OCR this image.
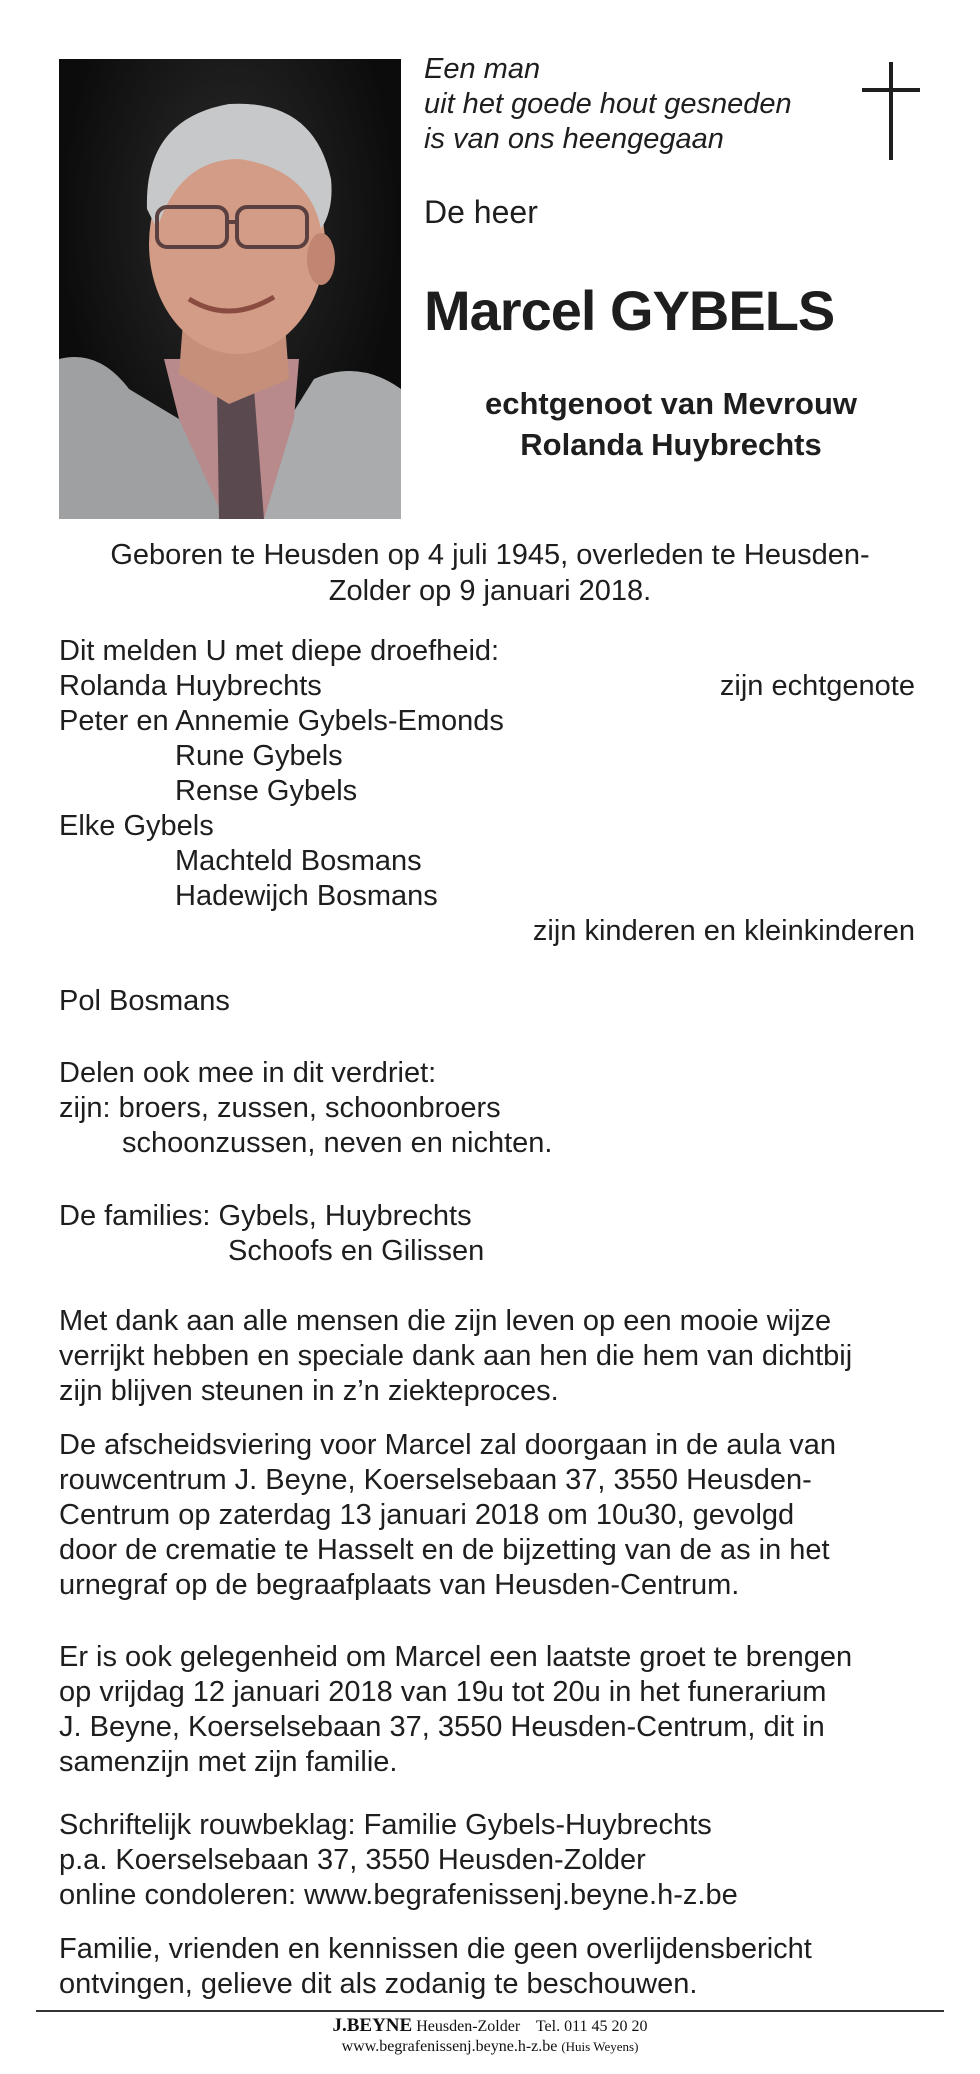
Een man
uit het goede hout gesneden
is van ons heengegaan
De heer
Marcel GYBELS
echtgenoot van Mevrouw
Rolanda Huybrechts
Geboren te Heusden op 4 juli 1945, overleden te Heusden-
Zolder op 9 januari 2018.
Dit melden U met diepe droefheid:
Rolanda Huybrechts	zijn echtgenote
Peter en Annemie Gybels-Emonds
Rune Gybels
Rense Gybels
Elke Gybels
Machteld Bosmans
Hadewijch Bosmans
zijn kinderen en kleinkinderen
Pol Bosmans
Delen ook mee in dit verdriet:
zijn: broers, zussen, schoonbroers
schoonzussen, neven en nichten.
De families: Gybels, Huybrechts
Schoofs en Gilissen
Met dank aan alle mensen die zijn leven op een mooie wijze
verrijkt hebben en speciale dank aan hen die hem van dichtbij
zijn blijven steunen in z’n ziekteproces.
De afscheidsviering voor Marcel zal doorgaan in de aula van
rouwcentrum J. Beyne, Koerselsebaan 37, 3550 Heusden-
Centrum op zaterdag 13 januari 2018 om 10u30, gevolgd
door de crematie te Hasselt en de bijzetting van de as in het
urnegraf op de begraafplaats van Heusden-Centrum.
Er is ook gelegenheid om Marcel een laatste groet te brengen
op vrijdag 12 januari 2018 van 19u tot 20u in het funerarium
J. Beyne, Koerselsebaan 37, 3550 Heusden-Centrum, dit in
samenzijn met zijn familie.
Schriftelijk rouwbeklag: Familie Gybels-Huybrechts
p.a. Koerselsebaan 37, 3550 Heusden-Zolder
online condoleren: www.begrafenissenj.beyne.h-z.be
Familie, vrienden en kennissen die geen overlijdensbericht
ontvingen, gelieve dit als zodanig te beschouwen.
J.BEYNE Heusden-Zolder Tel. 011 45 20 20
www.begrafenissenj.beyne.h-z.be (Huis Weyens)
